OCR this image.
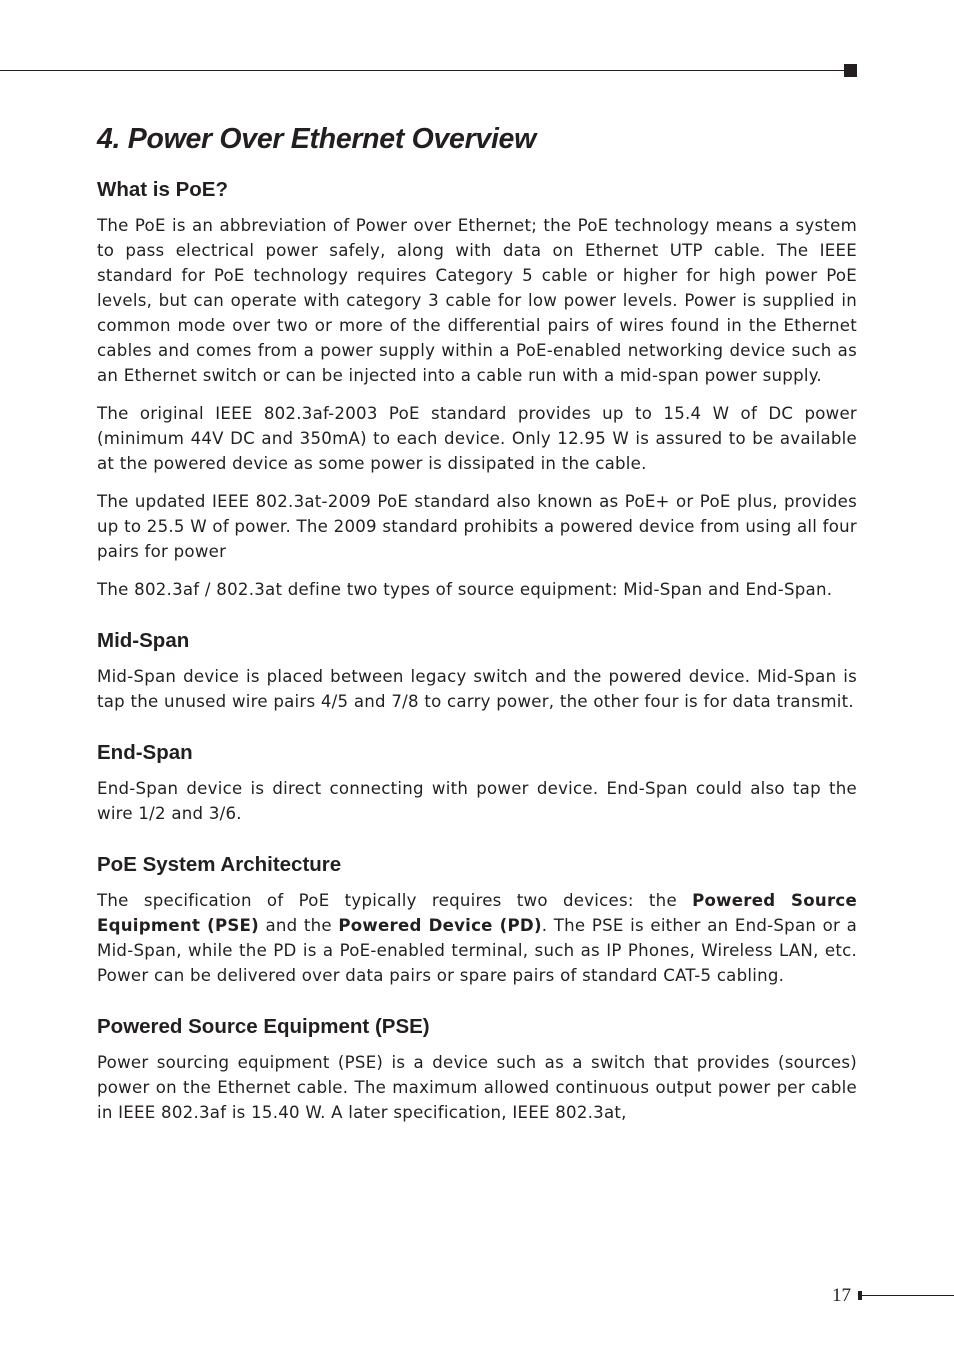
4. Power Over Ethernet Overview
What is PoE?

The PoE is an abbreviation of Power over Ethernet; the PoE technology means a system to pass electrical power safely, along with data on Ethernet UTP cable. The IEEE standard for PoE technology requires Category 5 cable or higher for high power PoE levels, but can operate with category 3 cable for low power levels. Power is supplied in common mode over two or more of the differential pairs of wires found in the Ethernet cables and comes from a power supply within a PoE-enabled networking device such as an Ethernet switch or can be injected into a cable run with a mid-span power supply.

The original IEEE 802.3af-2003 PoE standard provides up to 15.4 W of DC power (minimum 44V DC and 350mA) to each device. Only 12.95 W is assured to be available at the powered device as some power is dissipated in the cable.

The updated IEEE 802.3at-2009 PoE standard also known as PoE+ or PoE plus, provides up to 25.5 W of power. The 2009 standard prohibits a powered device from using all four pairs for power

The 802.3af / 802.3at define two types of source equipment: Mid-Span and End-Span.

Mid-Span

Mid-Span device is placed between legacy switch and the powered device. Mid-Span is tap the unused wire pairs 4/5 and 7/8 to carry power, the other four is for data transmit.

End-Span

End-Span device is direct connecting with power device. End-Span could also tap the wire 1/2 and 3/6.

PoE System Architecture

The specification of PoE typically requires two devices: the Powered Source Equipment (PSE) and the Powered Device (PD). The PSE is either an End-Span or a Mid-Span, while the PD is a PoE-enabled terminal, such as IP Phones, Wireless LAN, etc. Power can be delivered over data pairs or spare pairs of standard CAT-5 cabling.

Powered Source Equipment (PSE)

Power sourcing equipment (PSE) is a device such as a switch that provides (sources) power on the Ethernet cable. The maximum allowed continuous output power per cable in IEEE 802.3af is 15.40 W. A later specification, IEEE 802.3at,

17
